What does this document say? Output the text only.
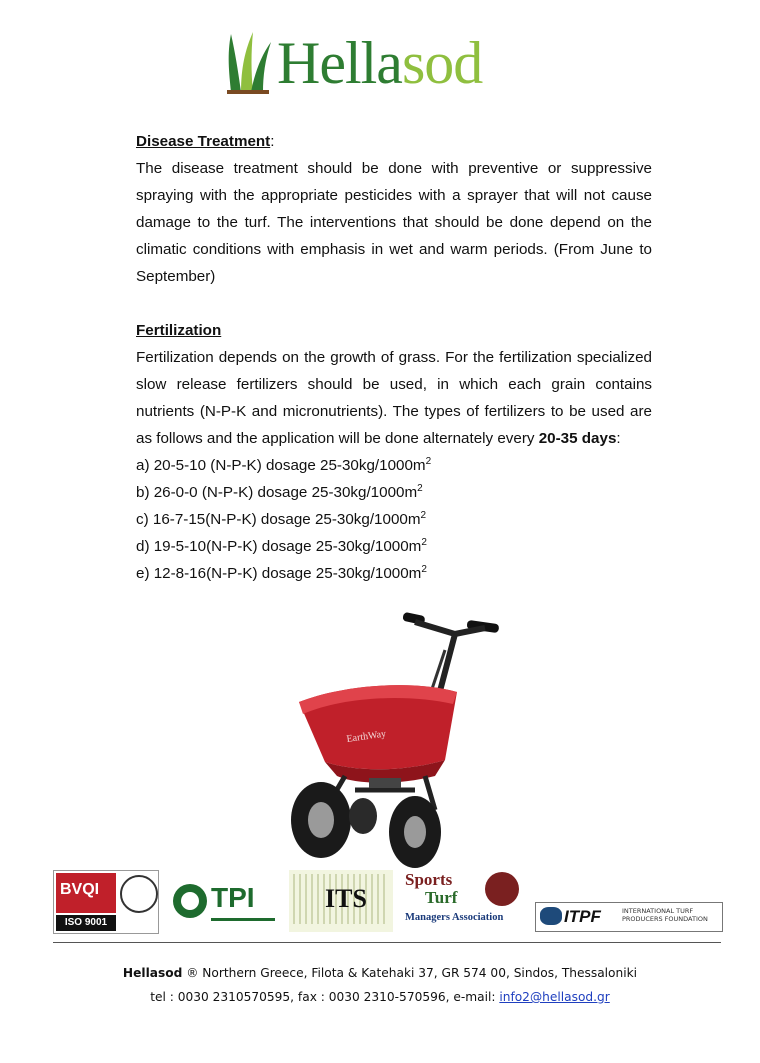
Hellasod

Disease Treatment:

The disease treatment should be done with preventive or suppressive spraying with the appropriate pesticides with a sprayer that will not cause damage to the turf. The interventions that should be done depend on the climatic conditions with emphasis in wet and warm periods. (From June to September)

Fertilization

Fertilization depends on the growth of grass. For the fertilization specialized slow release fertilizers should be used, in which each grain contains nutrients (N-P-K and micronutrients). The types of fertilizers to be used are as follows and the application will be done alternately every 20-35 days:

a) 20-5-10 (N-P-K) dosage $25-30kg/1000m^2$

b) 26-0-0 (N-P-K) dosage $25-30kg/1000m^2$

c) 16-7-15(N-P-K) dosage $25-30kg/1000m^2$

d) 19-5-10(N-P-K) dosage $25-30kg/1000m^2$

e) 12-8-16(N-P-K) dosage $25-30kg/1000m^2$

EarthWay
BVQI
ISO 9001
TPI	ITS
Sports
Turf
Managers Association	ITPF	INTERNATIONAL TURF
PRODUCERS FOUNDATION
Hellasod ® Northern Greece, Filota & Katehaki 37, GR 574 00, Sindos, Thessaloniki
tel : 0030 2310570595, fax : 0030 2310-570596, e-mail: info2@hellasod.gr
